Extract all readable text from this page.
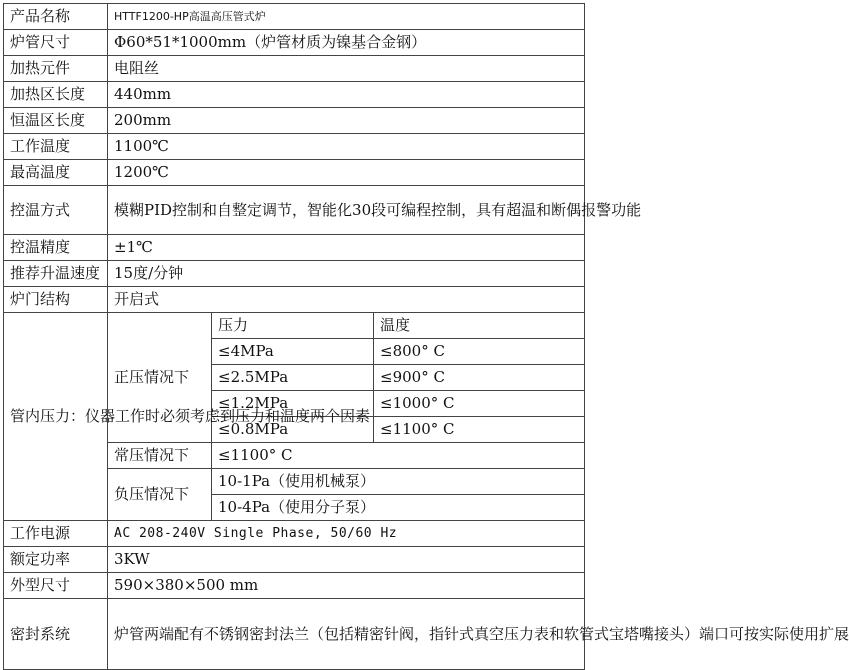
产品名称	HTTF1200-HP高温高压管式炉		
炉管尺寸	Φ60*51*1000mm（炉管材质为镍基合金钢）		
加热元件	电阻丝		
加热区长度	440mm		
恒温区长度	200mm		
工作温度	1100℃		
最高温度	1200℃		
控温方式	模糊PID控制和自整定调节，智能化30段可编程控制，具有超温和断偶报警功能		
控温精度	±1℃		
推荐升温速度	15度/分钟		
炉门结构	开启式		
管内压力：仪器工作时必须考虑到压力和温度两个因素	正压情况下	压力	温度
		≤4MPa	≤800° C
		≤2.5MPa	≤900° C
		≤1.2MPa	≤1000° C
		≤0.8MPa	≤1100° C
	常压情况下	≤1100° C	
	负压情况下	10-1Pa（使用机械泵）	
		10-4Pa（使用分子泵）	
工作电源	AC 208-240V Single Phase, 50/60 Hz		
额定功率	3KW		
外型尺寸	590×380×500 mm		
密封系统	炉管两端配有不锈钢密封法兰（包括精密针阀，指针式真空压力表和软管式宝塔嘴接头）端口可按实际使用扩展		
